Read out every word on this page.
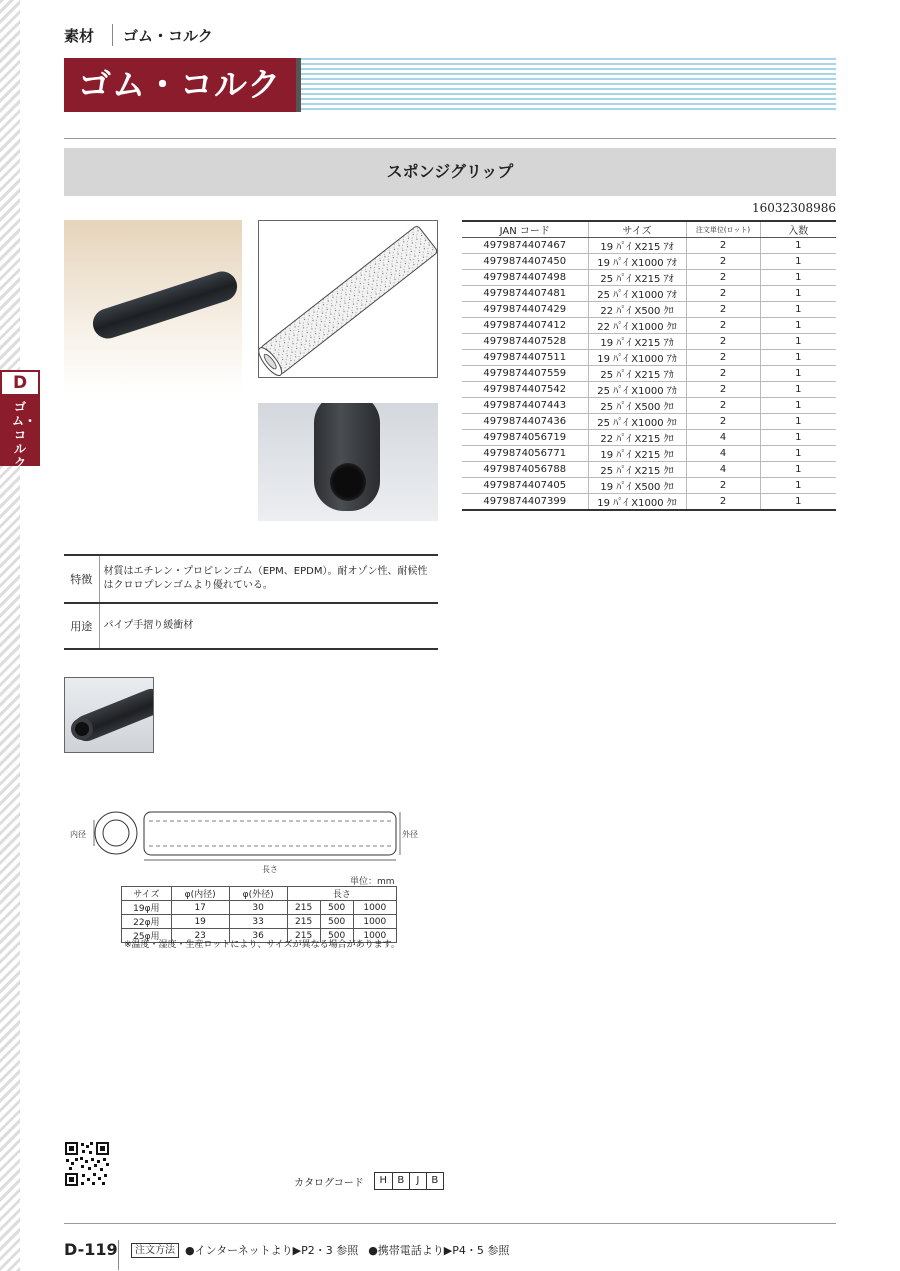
素材 ゴム・コルク
ゴム・コルク
スポンジグリップ
16032308986
D
ゴム・コルク
JAN コード	サイズ	注文単位(ロット)	入数
4979874407467	19 ﾊﾟｲ X215 ｱｵ	2	1
4979874407450	19 ﾊﾟｲ X1000 ｱｵ	2	1
4979874407498	25 ﾊﾟｲ X215 ｱｵ	2	1
4979874407481	25 ﾊﾟｲ X1000 ｱｵ	2	1
4979874407429	22 ﾊﾟｲ X500 ｸﾛ	2	1
4979874407412	22 ﾊﾟｲ X1000 ｸﾛ	2	1
4979874407528	19 ﾊﾟｲ X215 ｱｶ	2	1
4979874407511	19 ﾊﾟｲ X1000 ｱｶ	2	1
4979874407559	25 ﾊﾟｲ X215 ｱｶ	2	1
4979874407542	25 ﾊﾟｲ X1000 ｱｶ	2	1
4979874407443	25 ﾊﾟｲ X500 ｸﾛ	2	1
4979874407436	25 ﾊﾟｲ X1000 ｸﾛ	2	1
4979874056719	22 ﾊﾟｲ X215 ｸﾛ	4	1
4979874056771	19 ﾊﾟｲ X215 ｸﾛ	4	1
4979874056788	25 ﾊﾟｲ X215 ｸﾛ	4	1
4979874407405	19 ﾊﾟｲ X500 ｸﾛ	2	1
4979874407399	19 ﾊﾟｲ X1000 ｸﾛ	2	1
特徴	材質はエチレン・プロピレンゴム（EPM、EPDM）。耐オゾン性、耐候性はクロロプレンゴムより優れている。
用途	パイプ手摺り緩衝材
内径	外径
長さ
単位：mm
サイズ	φ(内径)	φ(外径)	長さ		
19φ用	17	30	215	500	1000
22φ用	19	33	215	500	1000
25φ用	23	36	215	500	1000
※温度・湿度・生産ロットにより、サイズが異なる場合があります。
カタログコード	H	B	J	B
D-119	注文方法 ●インターネットより▶P2・3 参照 ●携帯電話より▶P4・5 参照
